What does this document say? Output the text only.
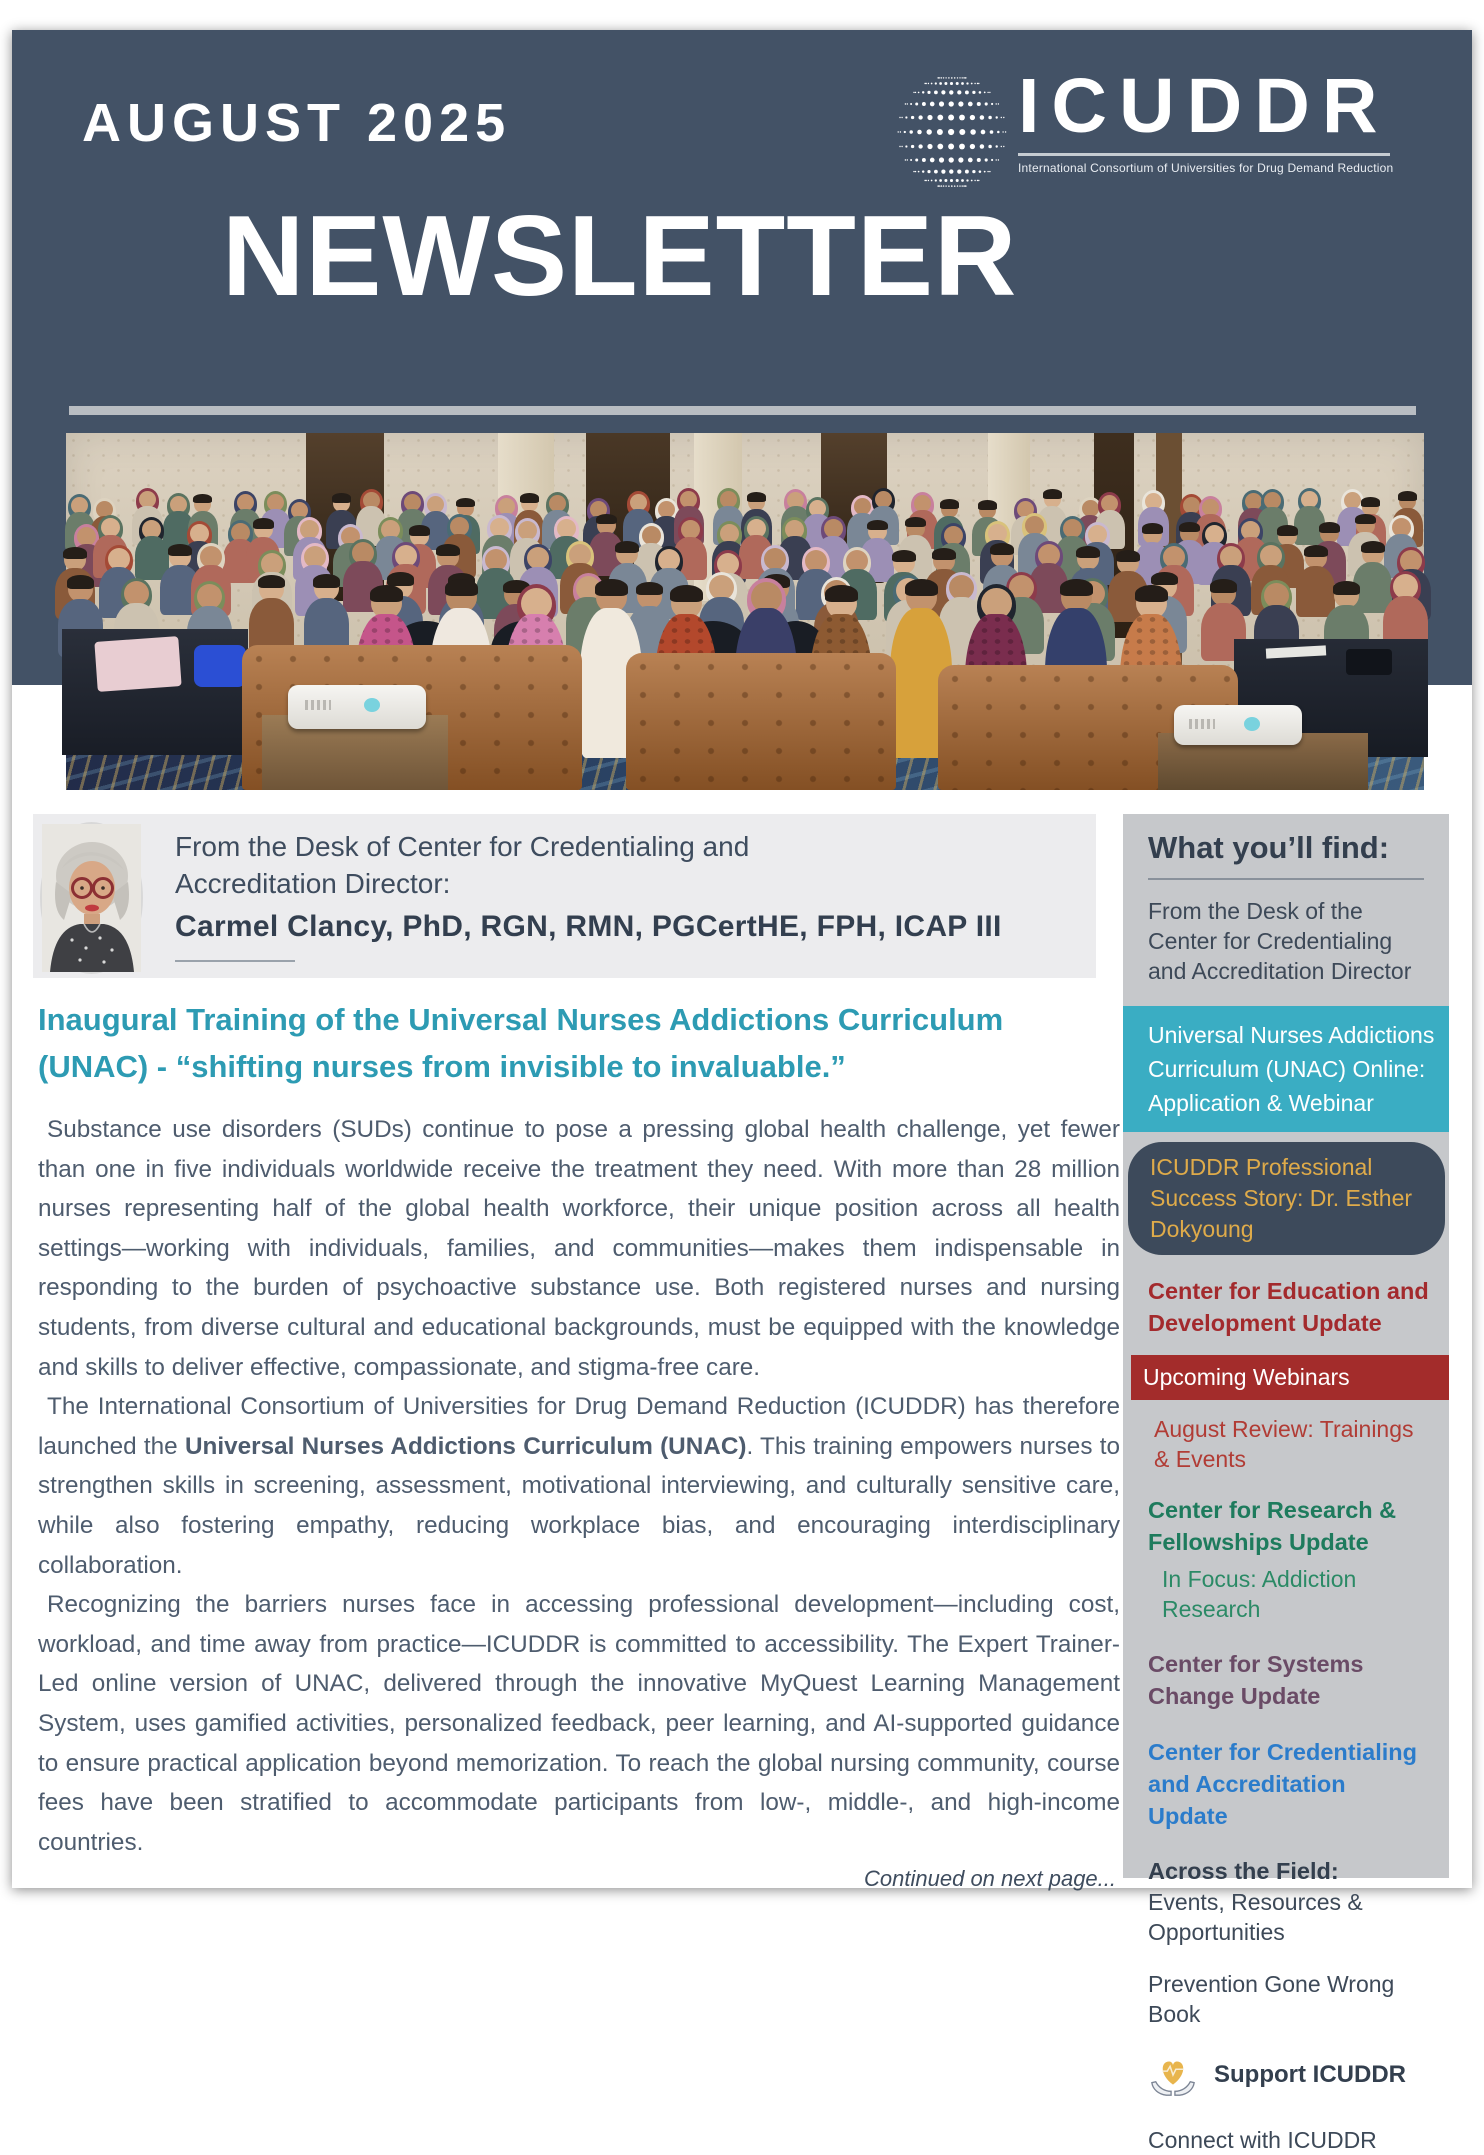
AUGUST 2025	ICUDDR
International Consortium of Universities for Drug Demand Reduction
NEWSLETTER
From the Desk of Center for Credentialing and
Accreditation Director:
Carmel Clancy, PhD, RGN, RMN, PGCertHE, FPH, ICAP III
Inaugural Training of the Universal Nurses Addictions Curriculum (UNAC) - “shifting nurses from invisible to invaluable.”

Substance use disorders (SUDs) continue to pose a pressing global health challenge, yet fewer than one in five individuals worldwide receive the treatment they need. With more than 28 million nurses representing half of the global health workforce, their unique position across all health settings—working with individuals, families, and communities—makes them indispensable in responding to the burden of psychoactive substance use. Both registered nurses and nursing students, from diverse cultural and educational backgrounds, must be equipped with the knowledge and skills to deliver effective, compassionate, and stigma-free care.

The International Consortium of Universities for Drug Demand Reduction (ICUDDR) has therefore launched the Universal Nurses Addictions Curriculum (UNAC). This training empowers nurses to strengthen skills in screening, assessment, motivational interviewing, and culturally sensitive care, while also fostering empathy, reducing workplace bias, and encouraging interdisciplinary collaboration.

Recognizing the barriers nurses face in accessing professional development—including cost, workload, and time away from practice—ICUDDR is committed to accessibility. The Expert Trainer-Led online version of UNAC, delivered through the innovative MyQuest Learning Management System, uses gamified activities, personalized feedback, peer learning, and AI-supported guidance to ensure practical application beyond memorization. To reach the global nursing community, course fees have been stratified to accommodate participants from low-, middle-, and high-income countries.

Continued on next page...
What you’ll find:
From the Desk of the Center for Credentialing and Accreditation Director
Universal Nurses Addictions Curriculum (UNAC) Online: Application & Webinar
ICUDDR Professional Success Story: Dr. Esther Dokyoung
Center for Education and Development Update
Upcoming Webinars
August Review: Trainings & Events
Center for Research & Fellowships Update
In Focus: Addiction Research
Center for Systems Change Update
Center for Credentialing and Accreditation Update
Across the Field:
Events, Resources & Opportunities
Prevention Gone Wrong Book
Support ICUDDR
Connect with ICUDDR
